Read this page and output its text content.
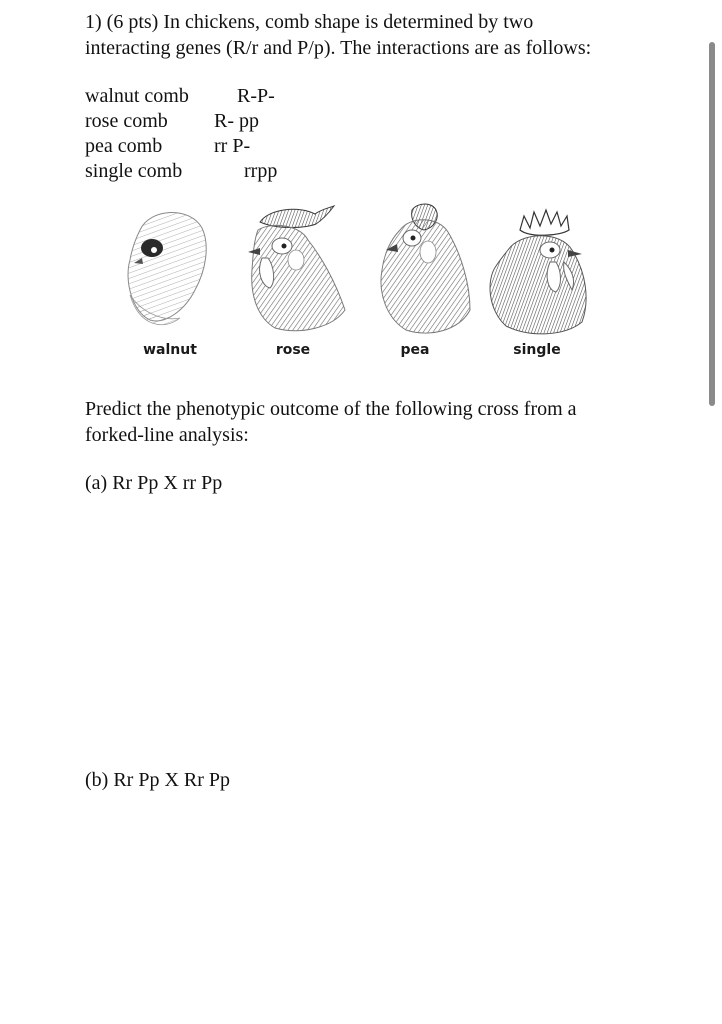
1) (6 pts) In chickens, comb shape is determined by two
interacting genes (R/r and P/p). The interactions are as follows:
walnut comb R-P-
rose comb R- pp
pea comb	rr P-
single comb	rrpp
walnut	rose	pea	single
Predict the phenotypic outcome of the following cross from a
forked-line analysis:
(a) Rr Pp X rr Pp
(b) Rr Pp X Rr Pp
